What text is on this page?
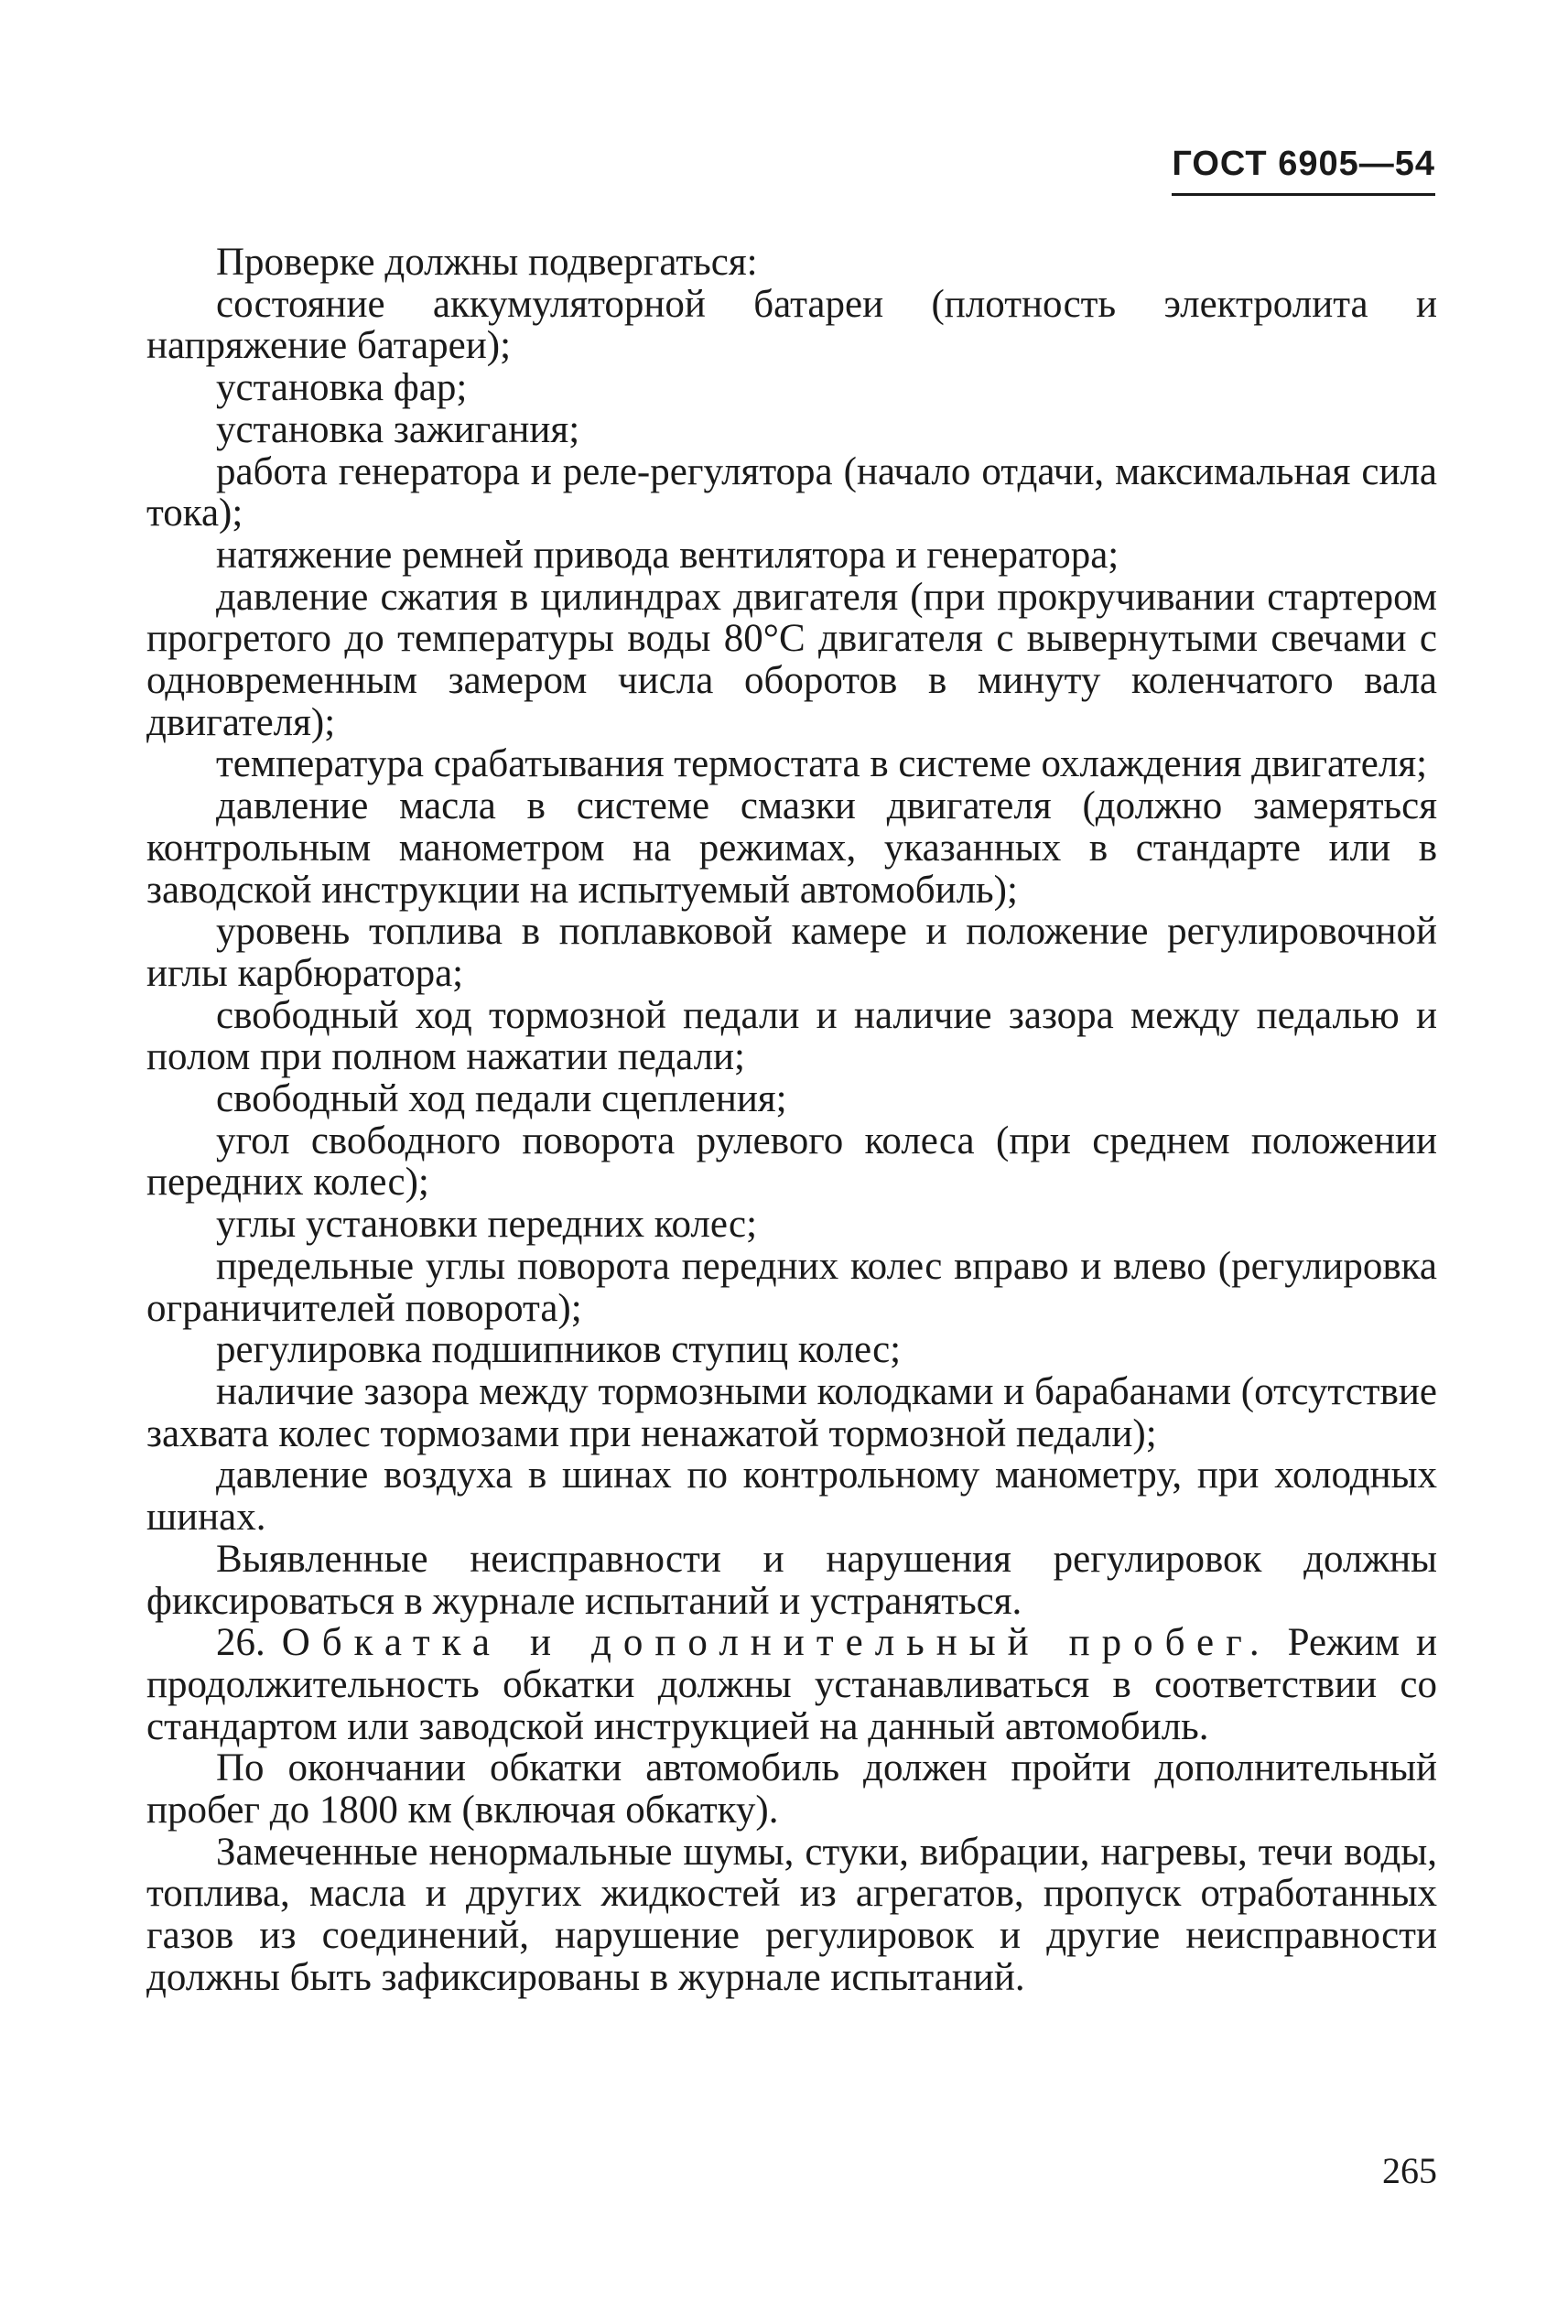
ГОСТ 6905—54

Проверке должны подвергаться:

состояние аккумуляторной батареи (плотность электролита и напряжение батареи);

установка фар;

установка зажигания;

работа генератора и реле-регулятора (начало отдачи, максимальная сила тока);

натяжение ремней привода вентилятора и генератора;

давление сжатия в цилиндрах двигателя (при прокручивании стартером прогретого до температуры воды 80°С двигателя с вывернутыми свечами с одновременным замером числа оборотов в минуту коленчатого вала двигателя);

температура срабатывания термостата в системе охлаждения двигателя;

давление масла в системе смазки двигателя (должно замеряться контрольным манометром на режимах, указанных в стандарте или в заводской инструкции на испытуемый автомобиль);

уровень топлива в поплавковой камере и положение регулировочной иглы карбюратора;

свободный ход тормозной педали и наличие зазора между педалью и полом при полном нажатии педали;

свободный ход педали сцепления;

угол свободного поворота рулевого колеса (при среднем положении передних колес);

углы установки передних колес;

предельные углы поворота передних колес вправо и влево (регулировка ограничителей поворота);

регулировка подшипников ступиц колес;

наличие зазора между тормозными колодками и барабанами (отсутствие захвата колес тормозами при ненажатой тормозной педали);

давление воздуха в шинах по контрольному манометру, при холодных шинах.

Выявленные неисправности и нарушения регулировок должны фиксироваться в журнале испытаний и устраняться.

26. Обкатка и дополнительный пробег. Режим и продолжительность обкатки должны устанавливаться в соответствии со стандартом или заводской инструкцией на данный автомобиль.

По окончании обкатки автомобиль должен пройти дополнительный пробег до 1800 км (включая обкатку).

Замеченные ненормальные шумы, стуки, вибрации, нагревы, течи воды, топлива, масла и других жидкостей из агрегатов, пропуск отработанных газов из соединений, нарушение регулировок и другие неисправности должны быть зафиксированы в журнале испытаний.

265
